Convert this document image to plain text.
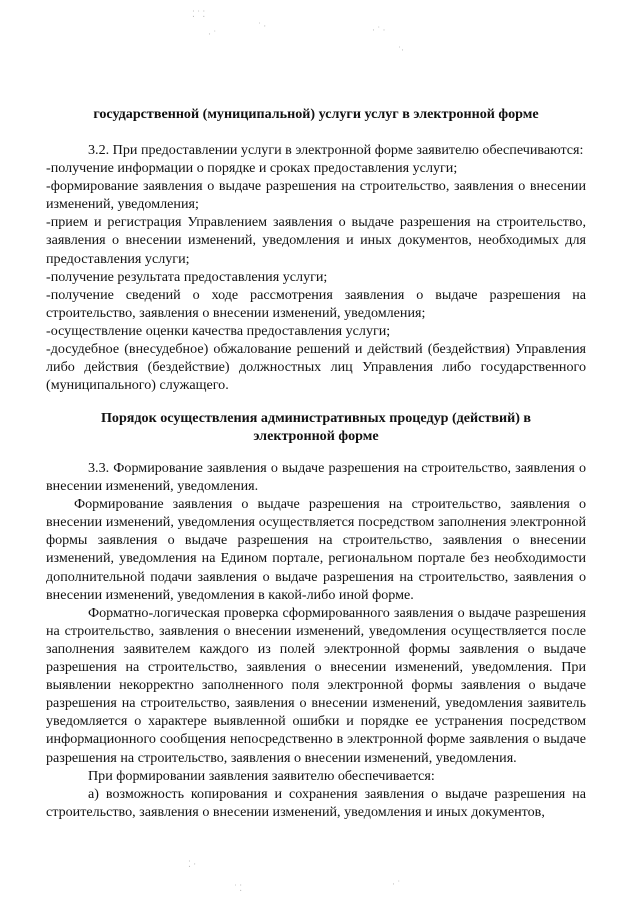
⁚ ˙ ⁚
· ˙
˙ ·	· ˙ ·
˙·
⁚ ·
˙ ⁚	· ˙

государственной (муниципальной) услуги услуг в электронной форме

3.2. При предоставлении услуги в электронной форме заявителю обеспечиваются:

-получение информации о порядке и сроках предоставления услуги;

-формирование заявления о выдаче разрешения на строительство, заявления о внесении изменений, уведомления;

-прием и регистрация Управлением заявления о выдаче разрешения на строительство, заявления о внесении изменений, уведомления и иных документов, необходимых для предоставления услуги;

-получение результата предоставления услуги;

-получение сведений о ходе рассмотрения заявления о выдаче разрешения на строительство, заявления о внесении изменений, уведомления;

-осуществление оценки качества предоставления услуги;

-досудебное (внесудебное) обжалование решений и действий (бездействия) Управления либо действия (бездействие) должностных лиц Управления либо государственного (муниципального) служащего.

Порядок осуществления административных процедур (действий) в

электронной форме

3.3. Формирование заявления о выдаче разрешения на строительство, заявления о внесении изменений, уведомления.

Формирование заявления о выдаче разрешения на строительство, заявления о внесении изменений, уведомления осуществляется посредством заполнения электронной формы заявления о выдаче разрешения на строительство, заявления о внесении изменений, уведомления на Едином портале, региональном портале без необходимости дополнительной подачи заявления о выдаче разрешения на строительство, заявления о внесении изменений, уведомления в какой-либо иной форме.

Форматно-логическая проверка сформированного заявления о выдаче разрешения на строительство, заявления о внесении изменений, уведомления осуществляется после заполнения заявителем каждого из полей электронной формы заявления о выдаче разрешения на строительство, заявления о внесении изменений, уведомления. При выявлении некорректно заполненного поля электронной формы заявления о выдаче разрешения на строительство, заявления о внесении изменений, уведомления заявитель уведомляется о характере выявленной ошибки и порядке ее устранения посредством информационного сообщения непосредственно в электронной форме заявления о выдаче разрешения на строительство, заявления о внесении изменений, уведомления.

При формировании заявления заявителю обеспечивается:

а) возможность копирования и сохранения заявления о выдаче разрешения на строительство, заявления о внесении изменений, уведомления и иных документов,
